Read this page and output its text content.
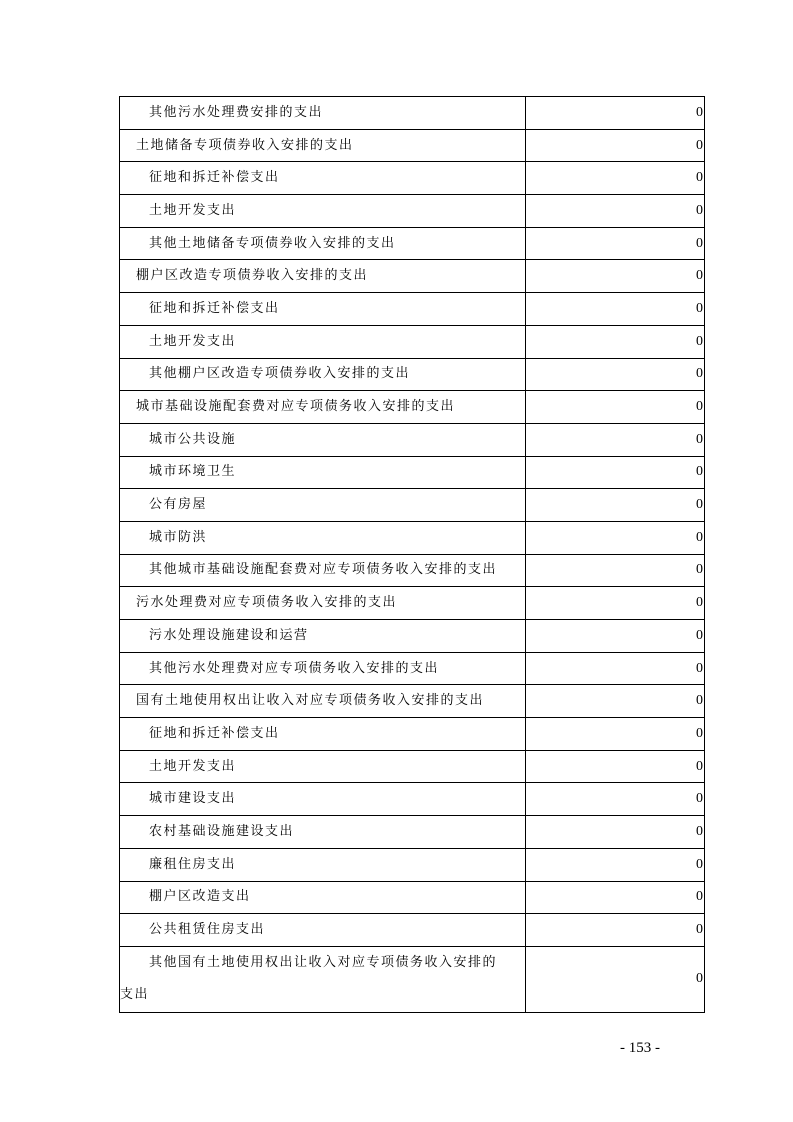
其他污水处理费安排的支出	0
土地储备专项债券收入安排的支出	0
征地和拆迁补偿支出	0
土地开发支出	0
其他土地储备专项债券收入安排的支出	0
棚户区改造专项债券收入安排的支出	0
征地和拆迁补偿支出	0
土地开发支出	0
其他棚户区改造专项债券收入安排的支出	0
城市基础设施配套费对应专项债务收入安排的支出	0
城市公共设施	0
城市环境卫生	0
公有房屋	0
城市防洪	0
其他城市基础设施配套费对应专项债务收入安排的支出	0
污水处理费对应专项债务收入安排的支出	0
污水处理设施建设和运营	0
其他污水处理费对应专项债务收入安排的支出	0
国有土地使用权出让收入对应专项债务收入安排的支出	0
征地和拆迁补偿支出	0
土地开发支出	0
城市建设支出	0
农村基础设施建设支出	0
廉租住房支出	0
棚户区改造支出	0
公共租赁住房支出	0

其他国有土地使用权出让收入对应专项债务收入安排的
支出	0
- 153 -
